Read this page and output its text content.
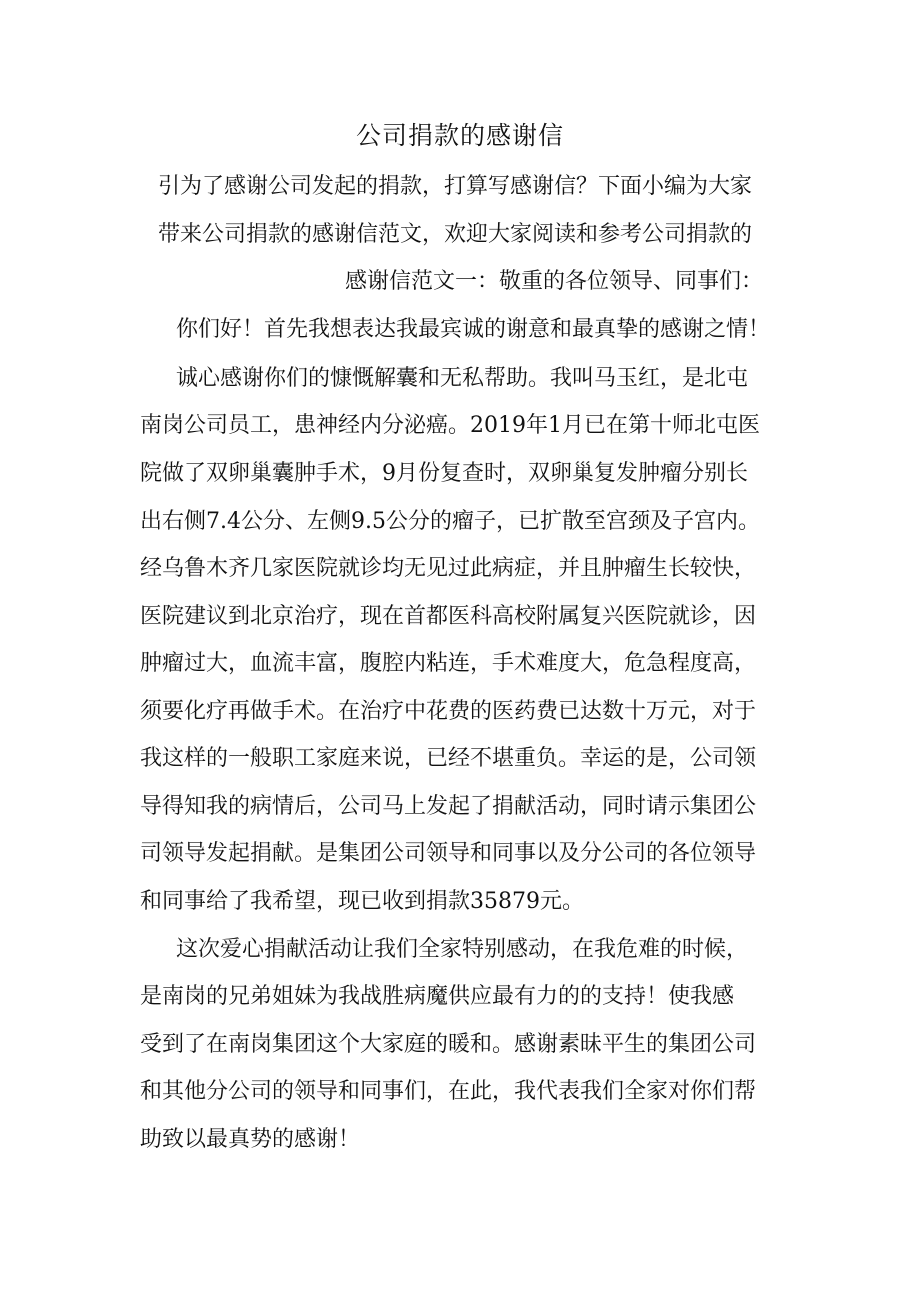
公司捐款的感谢信

引为了感谢公司发起的捐款，打算写感谢信？下面小编为大家

带来公司捐款的感谢信范文，欢迎大家阅读和参考公司捐款的

感谢信范文一：敬重的各位领导、同事们：

你们好！首先我想表达我最宾诚的谢意和最真挚的感谢之情！

诚心感谢你们的慷慨解囊和无私帮助。我叫马玉红，是北屯

南岗公司员工，患神经内分泌癌。2019年1月已在第十师北屯医

院做了双卵巢囊肿手术，9月份复查时，双卵巢复发肿瘤分别长

出右侧7.4公分、左侧9.5公分的瘤子，已扩散至宫颈及子宫内。

经乌鲁木齐几家医院就诊均无见过此病症，并且肿瘤生长较快，

医院建议到北京治疗，现在首都医科高校附属复兴医院就诊，因

肿瘤过大，血流丰富，腹腔内粘连，手术难度大，危急程度高，

须要化疗再做手术。在治疗中花费的医药费已达数十万元，对于

我这样的一般职工家庭来说，已经不堪重负。幸运的是，公司领

导得知我的病情后，公司马上发起了捐献活动，同时请示集团公

司领导发起捐献。是集团公司领导和同事以及分公司的各位领导

和同事给了我希望，现已收到捐款35879元。

这次爱心捐献活动让我们全家特别感动，在我危难的时候，

是南岗的兄弟姐妹为我战胜病魔供应最有力的的支持！使我感

受到了在南岗集团这个大家庭的暖和。感谢素昧平生的集团公司

和其他分公司的领导和同事们，在此，我代表我们全家对你们帮

助致以最真势的感谢！
